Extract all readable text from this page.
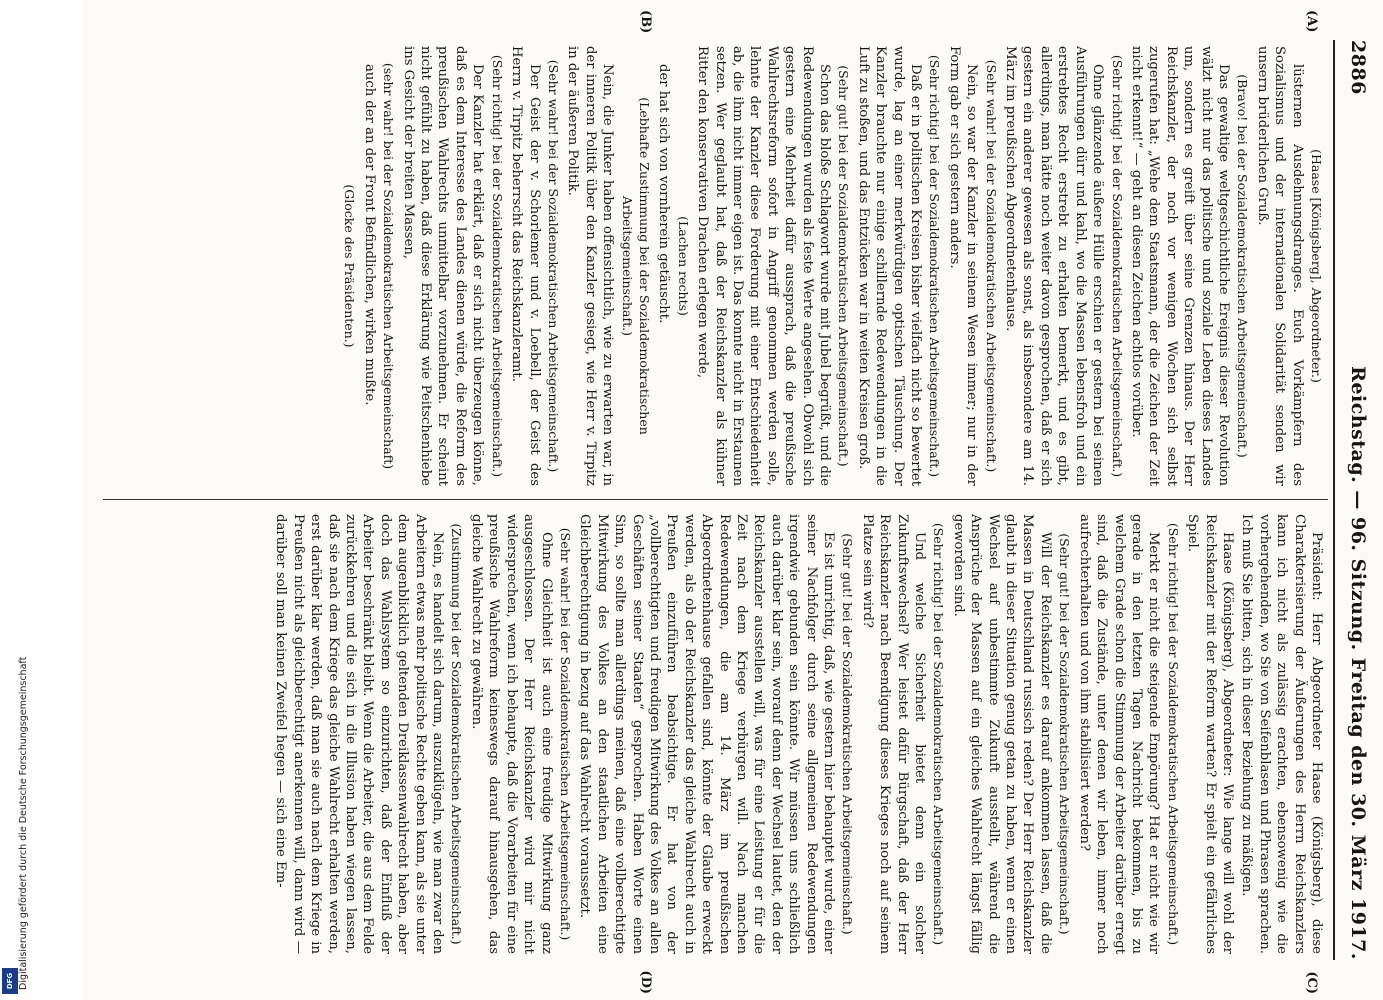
Digitalisierung gefördert durch die Deutsche Forschungsgemeinschaft
DFG
2886
Reichstag. — 96. Sitzung. Freitag den 30. März 1917.
(A)
(B)
(C)
(D)

(Haase [Königsberg], Abgeordneter.)

lüsternen Ausdehnungsdranges. Euch Vorkämpfern des Sozialismus und der internationalen Solidarität senden wir unsern brüderlichen Gruß.

(Bravo! bei der Sozialdemokratischen Arbeitsgemeinschaft.)

Das gewaltige weltgeschichtliche Ereignis dieser Revolution wälzt nicht nur das politische und soziale Leben dieses Landes um, sondern es greift über seine Grenzen hinaus. Der Herr Reichskanzler, der noch vor wenigen Wochen sich selbst zugerufen hat: „Wehe dem Staatsmann, der die Zeichen der Zeit nicht erkennt!“ — geht an diesen Zeichen achtlos vorüber.

(Sehr richtig! bei der Sozialdemokratischen Arbeitsgemeinschaft.)

Ohne glänzende äußere Hülle erschien er gestern bei seinen Ausführungen dürr und kahl, wo die Massen lebensfroh und ein erstrebtes Recht erstrebt zu erhalten bemerkt, und es gibt, allerdings, man hätte noch weiter davon gesprochen, daß er sich gestern ein anderer gewesen als sonst, als insbesondere am 14. März im preußischen Abgeordnetenhause.

(Sehr wahr! bei der Sozialdemokratischen Arbeitsgemeinschaft.)

Nein, so war der Kanzler in seinem Wesen immer; nur in der Form gab er sich gestern anders.

(Sehr richtig! bei der Sozialdemokratischen Arbeitsgemeinschaft.)

Daß er in politischen Kreisen bisher vielfach nicht so bewertet wurde, lag an einer merkwürdigen optischen Täuschung. Der Kanzler brauchte nur einige schillernde Redewendungen in die Luft zu stoßen, und das Entzücken war in weiten Kreisen groß.

(Sehr gut! bei der Sozialdemokratischen Arbeitsgemeinschaft.)

Schon das bloße Schlagwort wurde mit Jubel begrüßt, und die Redewendungen wurden als feste Werte angesehen. Obwohl sich gestern eine Mehrheit dafür aussprach, daß die preußische Wahlrechtsreform sofort in Angriff genommen werden solle, lehnte der Kanzler diese Forderung mit einer Entschiedenheit ab, die ihm nicht immer eigen ist. Das konnte nicht in Erstaunen setzen. Wer geglaubt hat, daß der Reichskanzler als kühner Ritter den konservativen Drachen erlegen werde,

(Lachen rechts)

der hat sich von vornherein getäuscht.

(Lebhafte Zustimmung bei der Sozialdemokratischen Arbeitsgemeinschaft.)

Nein, die Junker haben offensichtlich, wie zu erwarten war, in der inneren Politik über den Kanzler gesiegt, wie Herr v. Tirpitz in der äußeren Politik.

(Sehr wahr! bei der Sozialdemokratischen Arbeitsgemeinschaft.)

Der Geist der v. Schorlemer und v. Loebell, der Geist des Herrn v. Tirpitz beherrscht das Reichskanzleramt.

(Sehr richtig! bei der Sozialdemokratischen Arbeitsgemeinschaft.)

Der Kanzler hat erklärt, daß er sich nicht überzeugen könne, daß es dem Interesse des Landes dienen würde, die Reform des preußischen Wahlrechts unmittelbar vorzunehmen. Er scheint nicht gefühlt zu haben, daß diese Erklärung wie Peitschenhiebe ins Gesicht der breiten Massen,

(sehr wahr! bei der Sozialdemokratischen Arbeitsgemeinschaft)

auch der an der Front Befindlichen, wirken mußte.

(Glocke des Präsidenten.)

Präsident: Herr Abgeordneter Haase (Königsberg), diese Charakterisierung der Äußerungen des Herrn Reichskanzlers kann ich nicht als zulässig erachten, ebensowenig wie die vorhergehenden, wo Sie von Seifenblasen und Phrasen sprachen. Ich muß Sie bitten, sich in dieser Beziehung zu mäßigen.

Haase (Königsberg), Abgeordneter: Wie lange will wohl der Reichskanzler mit der Reform warten? Er spielt ein gefährliches Spiel.

(Sehr richtig! bei der Sozialdemokratischen Arbeitsgemeinschaft.)

Merkt er nicht die steigende Empörung? Hat er nicht wie wir gerade in den letzten Tagen Nachricht bekommen, bis zu welchem Grade schon die Stimmung der Arbeiter darüber erregt sind, daß die Zustände, unter denen wir leben, immer noch aufrechterhalten und von ihm stabilisiert werden?

(Sehr gut! bei der Sozialdemokratischen Arbeitsgemeinschaft.)

Will der Reichskanzler es darauf ankommen lassen, daß die Massen in Deutschland russisch reden? Der Herr Reichskanzler glaubt in dieser Situation genug getan zu haben, wenn er einen Wechsel auf unbestimmte Zukunft ausstellt, während die Ansprüche der Massen auf ein gleiches Wahlrecht längst fällig geworden sind.

(Sehr richtig! bei der Sozialdemokratischen Arbeitsgemeinschaft.)

Und welche Sicherheit bietet denn ein solcher Zukunftswechsel? Wer leistet dafür Bürgschaft, daß der Herr Reichskanzler nach Beendigung dieses Krieges noch auf seinem Platze sein wird?

(Sehr gut! bei der Sozialdemokratischen Arbeitsgemeinschaft.)

Es ist unrichtig, daß, wie gestern hier behauptet wurde, einer seiner Nachfolger durch seine allgemeinen Redewendungen irgendwie gebunden sein könnte. Wir müssen uns schließlich auch darüber klar sein, worauf denn der Wechsel lautet, den der Reichskanzler ausstellen will, was für eine Leistung er für die Zeit nach dem Kriege verbürgen will. Nach manchen Redewendungen, die am 14. März im preußischen Abgeordnetenhause gefallen sind, könnte der Glaube erweckt werden, als ob der Reichskanzler das gleiche Wahlrecht auch in Preußen einzuführen beabsichtige. Er hat von der „vollberechtigten und freudigen Mitwirkung des Volkes an allen Geschäften seiner Staaten“ gesprochen. Haben Worte einen Sinn, so sollte man allerdings meinen, daß eine vollberechtigte Mitwirkung des Volkes an den staatlichen Arbeiten eine Gleichberechtigung in bezug auf das Wahlrecht voraussetzt.

(Sehr wahr! bei der Sozialdemokratischen Arbeitsgemeinschaft.)

Ohne Gleichheit ist auch eine freudige Mitwirkung ganz ausgeschlossen. Der Herr Reichskanzler wird mir nicht widersprechen, wenn ich behaupte, daß die Vorarbeiten für eine preußische Wahlreform keineswegs darauf hinausgehen, das gleiche Wahlrecht zu gewähren.

(Zustimmung bei der Sozialdemokratischen Arbeitsgemeinschaft.)

Nein, es handelt sich darum, auszuklügeln, wie man zwar den Arbeitern etwas mehr politische Rechte geben kann, als sie unter dem augenblicklich geltenden Dreiklassenwahlrecht haben, aber doch das Wahlsystem so einzurichten, daß der Einfluß der Arbeiter beschränkt bleibt. Wenn die Arbeiter, die aus dem Felde zurückkehren und die sich in die Illusion haben wiegen lassen, daß sie nach dem Kriege das gleiche Wahlrecht erhalten werden, erst darüber klar werden, daß man sie auch nach dem Kriege in Preußen nicht als gleichberechtigt anerkennen will, dann wird — darüber soll man keinen Zweifel hegen — sich eine Em-
